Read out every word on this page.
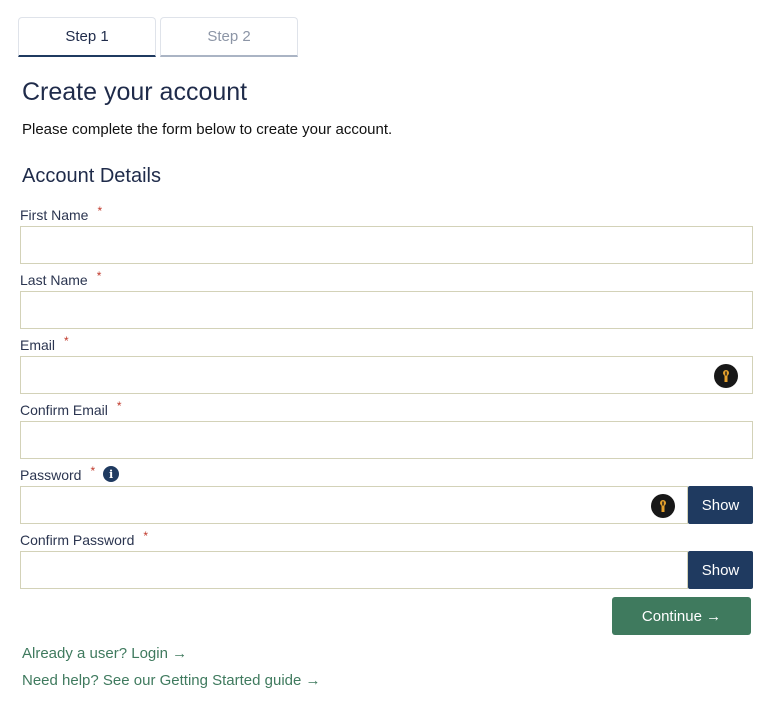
Step 1	Step 2
Create your account

Please complete the form below to create your account.

Account Details
First Name *
Last Name *
Email *
Confirm Email *
Password *	i
Show
Confirm Password *
Show
Continue →
Already a user? Login →
Need help? See our Getting Started guide →
